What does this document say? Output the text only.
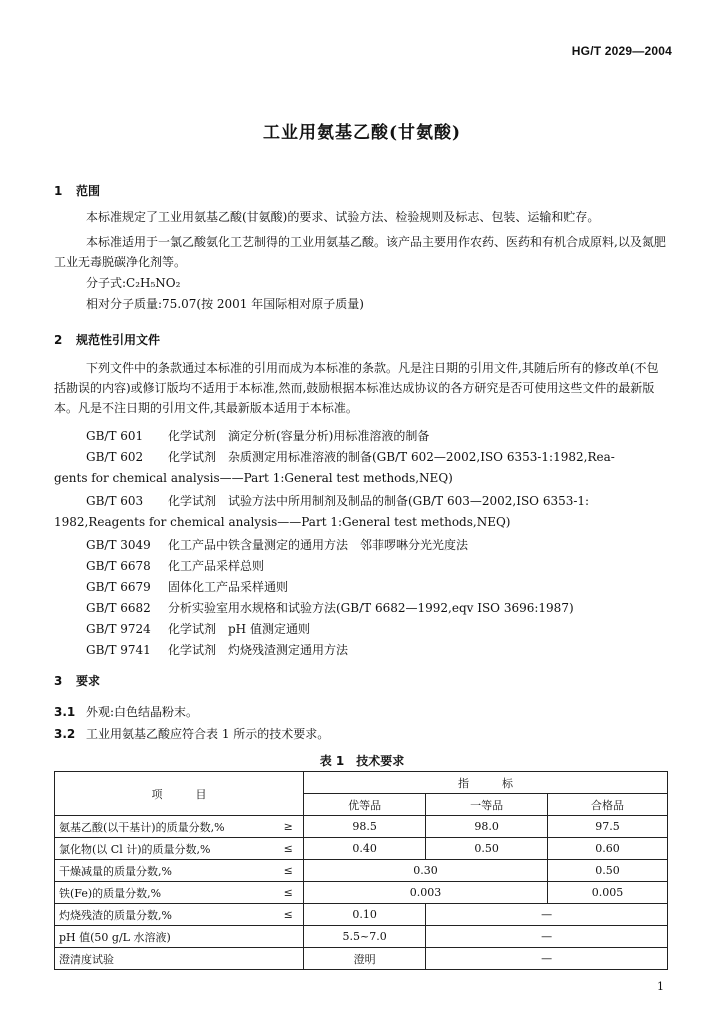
HG/T 2029—2004
工业用氨基乙酸(甘氨酸)
1 范围
本标准规定了工业用氨基乙酸(甘氨酸)的要求、试验方法、检验规则及标志、包装、运输和贮存。
本标准适用于一氯乙酸氨化工艺制得的工业用氨基乙酸。该产品主要用作农药、医药和有机合成原料,以及氮肥工业无毒脱碳净化剂等。
分子式:C₂H₅NO₂
相对分子质量:75.07(按 2001 年国际相对原子质量)
2 规范性引用文件
下列文件中的条款通过本标准的引用而成为本标准的条款。凡是注日期的引用文件,其随后所有的修改单(不包括勘误的内容)或修订版均不适用于本标准,然而,鼓励根据本标准达成协议的各方研究是否可使用这些文件的最新版本。凡是不注日期的引用文件,其最新版本适用于本标准。
GB/T 601 化学试剂　滴定分析(容量分析)用标准溶液的制备
GB/T 602 化学试剂　杂质测定用标准溶液的制备(GB/T 602—2002,ISO 6353-1:1982,Rea-
gents for chemical analysis——Part 1:General test methods,NEQ)
GB/T 603 化学试剂　试验方法中所用制剂及制品的制备(GB/T 603—2002,ISO 6353-1:
1982,Reagents for chemical analysis——Part 1:General test methods,NEQ)
GB/T 3049 化工产品中铁含量测定的通用方法　邻菲啰啉分光光度法
GB/T 6678 化工产品采样总则
GB/T 6679 固体化工产品采样通则
GB/T 6682 分析实验室用水规格和试验方法(GB/T 6682—1992,eqv ISO 3696:1987)
GB/T 9724 化学试剂　pH 值测定通则
GB/T 9741 化学试剂　灼烧残渣测定通用方法
3 要求
3.1 外观:白色结晶粉末。
3.2 工业用氨基乙酸应符合表 1 所示的技术要求。
表 1　技术要求
项　　　目		指　　　标		
		优等品	一等品	合格品
氨基乙酸(以干基计)的质量分数,%	≥	98.5	98.0	97.5
氯化物(以 Cl 计)的质量分数,%	≤	0.40	0.50	0.60
干燥减量的质量分数,%	≤	0.30		0.50
铁(Fe)的质量分数,%	≤	0.003		0.005
灼烧残渣的质量分数,%	≤	0.10	—	
pH 值(50 g/L 水溶液)		5.5~7.0	—	
澄清度试验		澄明	—	
1
